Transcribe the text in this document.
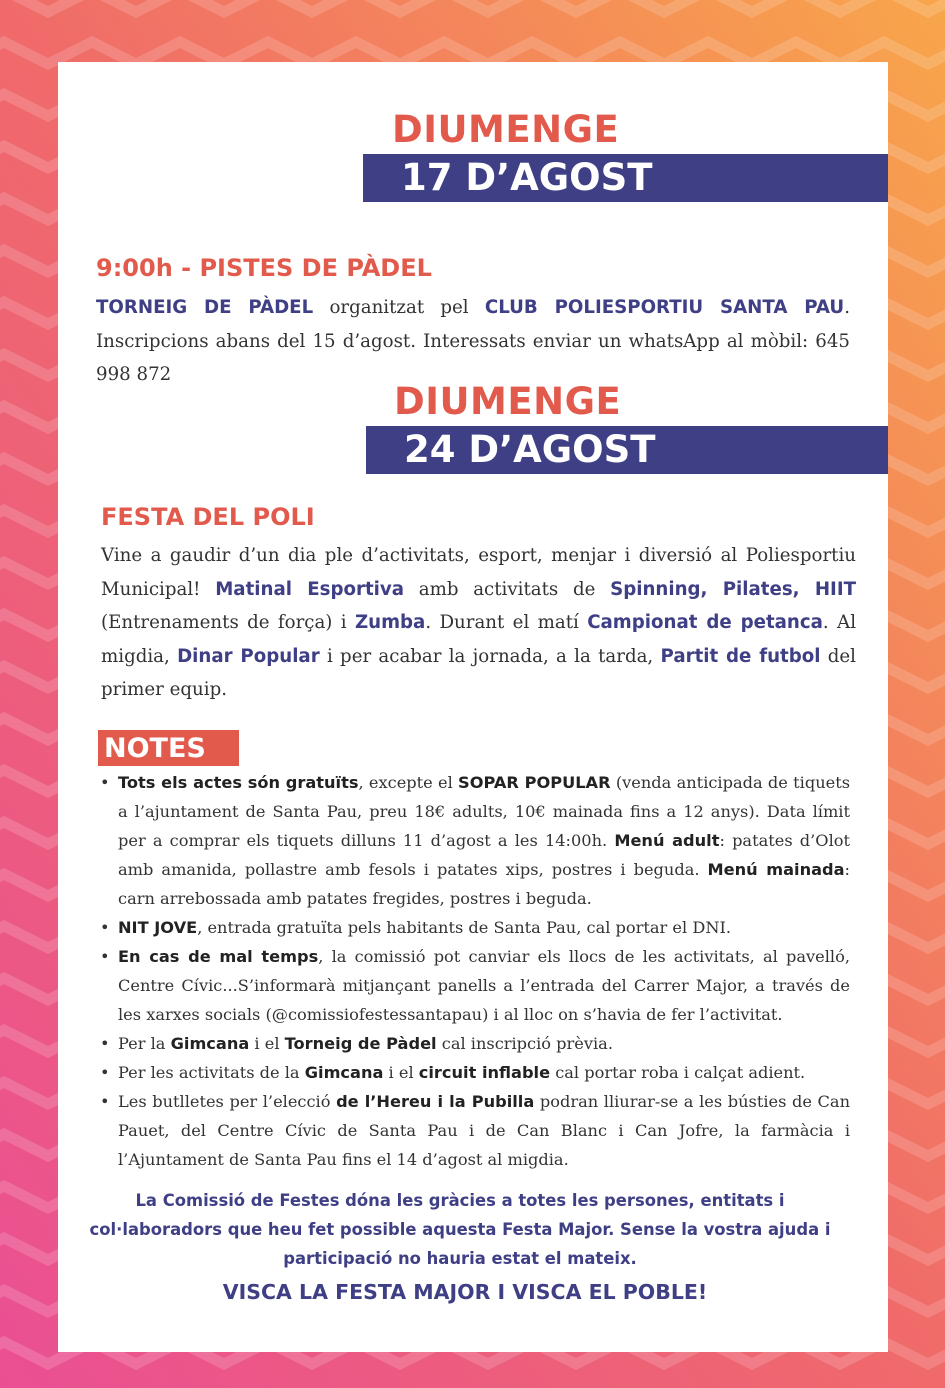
DIUMENGE
17 D’AGOST
9:00h - PISTES DE PÀDEL
TORNEIG DE PÀDEL organitzat pel CLUB POLIESPORTIU SANTA PAU. Inscripcions abans del 15 d’agost. Interessats enviar un whatsApp al mòbil: 645 998 872
DIUMENGE
24 D’AGOST
FESTA DEL POLI
Vine a gaudir d’un dia ple d’activitats, esport, menjar i diversió al Poliesportiu Municipal! Matinal Esportiva amb activitats de Spinning, Pilates, HIIT (Entrenaments de força) i Zumba. Durant el matí Campionat de petanca. Al migdia, Dinar Popular i per acabar la jornada, a la tarda, Partit de futbol del primer equip.
NOTES
• Tots els actes són gratuïts, excepte el SOPAR POPULAR (venda anticipada de tiquets a l’ajuntament de Santa Pau, preu 18€ adults, 10€ mainada fins a 12 anys). Data límit per a comprar els tiquets dilluns 11 d’agost a les 14:00h. Menú adult: patates d’Olot amb amanida, pollastre amb fesols i patates xips, postres i beguda. Menú mainada: carn arrebossada amb patates fregides, postres i beguda.
• NIT JOVE, entrada gratuïta pels habitants de Santa Pau, cal portar el DNI.
• En cas de mal temps, la comissió pot canviar els llocs de les activitats, al pavelló, Centre Cívic...S’informarà mitjançant panells a l’entrada del Carrer Major, a través de les xarxes socials (@comissiofestessantapau) i al lloc on s’havia de fer l’activitat.
• Per la Gimcana i el Torneig de Pàdel cal inscripció prèvia.
• Per les activitats de la Gimcana i el circuit inflable cal portar roba i calçat adient.
• Les butlletes per l’elecció de l’Hereu i la Pubilla podran lliurar-se a les bústies de Can Pauet, del Centre Cívic de Santa Pau i de Can Blanc i Can Jofre, la farmàcia i l’Ajuntament de Santa Pau fins el 14 d’agost al migdia.
La Comissió de Festes dóna les gràcies a totes les persones, entitats i col·laboradors que heu fet possible aquesta Festa Major. Sense la vostra ajuda i participació no hauria estat el mateix.
VISCA LA FESTA MAJOR I VISCA EL POBLE!
